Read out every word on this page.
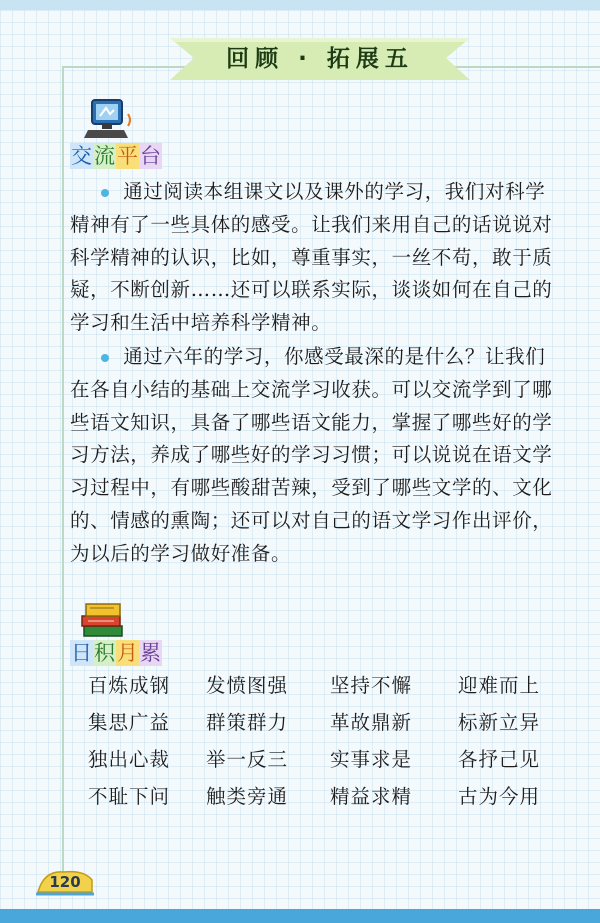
回顾 · 拓展五
交 流 平 台

通过阅读本组课文以及课外的学习，我们对科学精神有了一些具体的感受。让我们来用自己的话说说对科学精神的认识，比如，尊重事实，一丝不苟，敢于质疑，不断创新……还可以联系实际，谈谈如何在自己的学习和生活中培养科学精神。

通过六年的学习，你感受最深的是什么？让我们在各自小结的基础上交流学习收获。可以交流学到了哪些语文知识，具备了哪些语文能力，掌握了哪些好的学习方法，养成了哪些好的学习习惯；可以说说在语文学习过程中，有哪些酸甜苦辣，受到了哪些文学的、文化的、情感的熏陶；还可以对自己的语文学习作出评价，为以后的学习做好准备。

日 积 月 累
百炼成钢	发愤图强	坚持不懈	迎难而上
集思广益	群策群力	革故鼎新	标新立异
独出心裁	举一反三	实事求是	各抒己见
不耻下问	触类旁通	精益求精	古为今用
120
